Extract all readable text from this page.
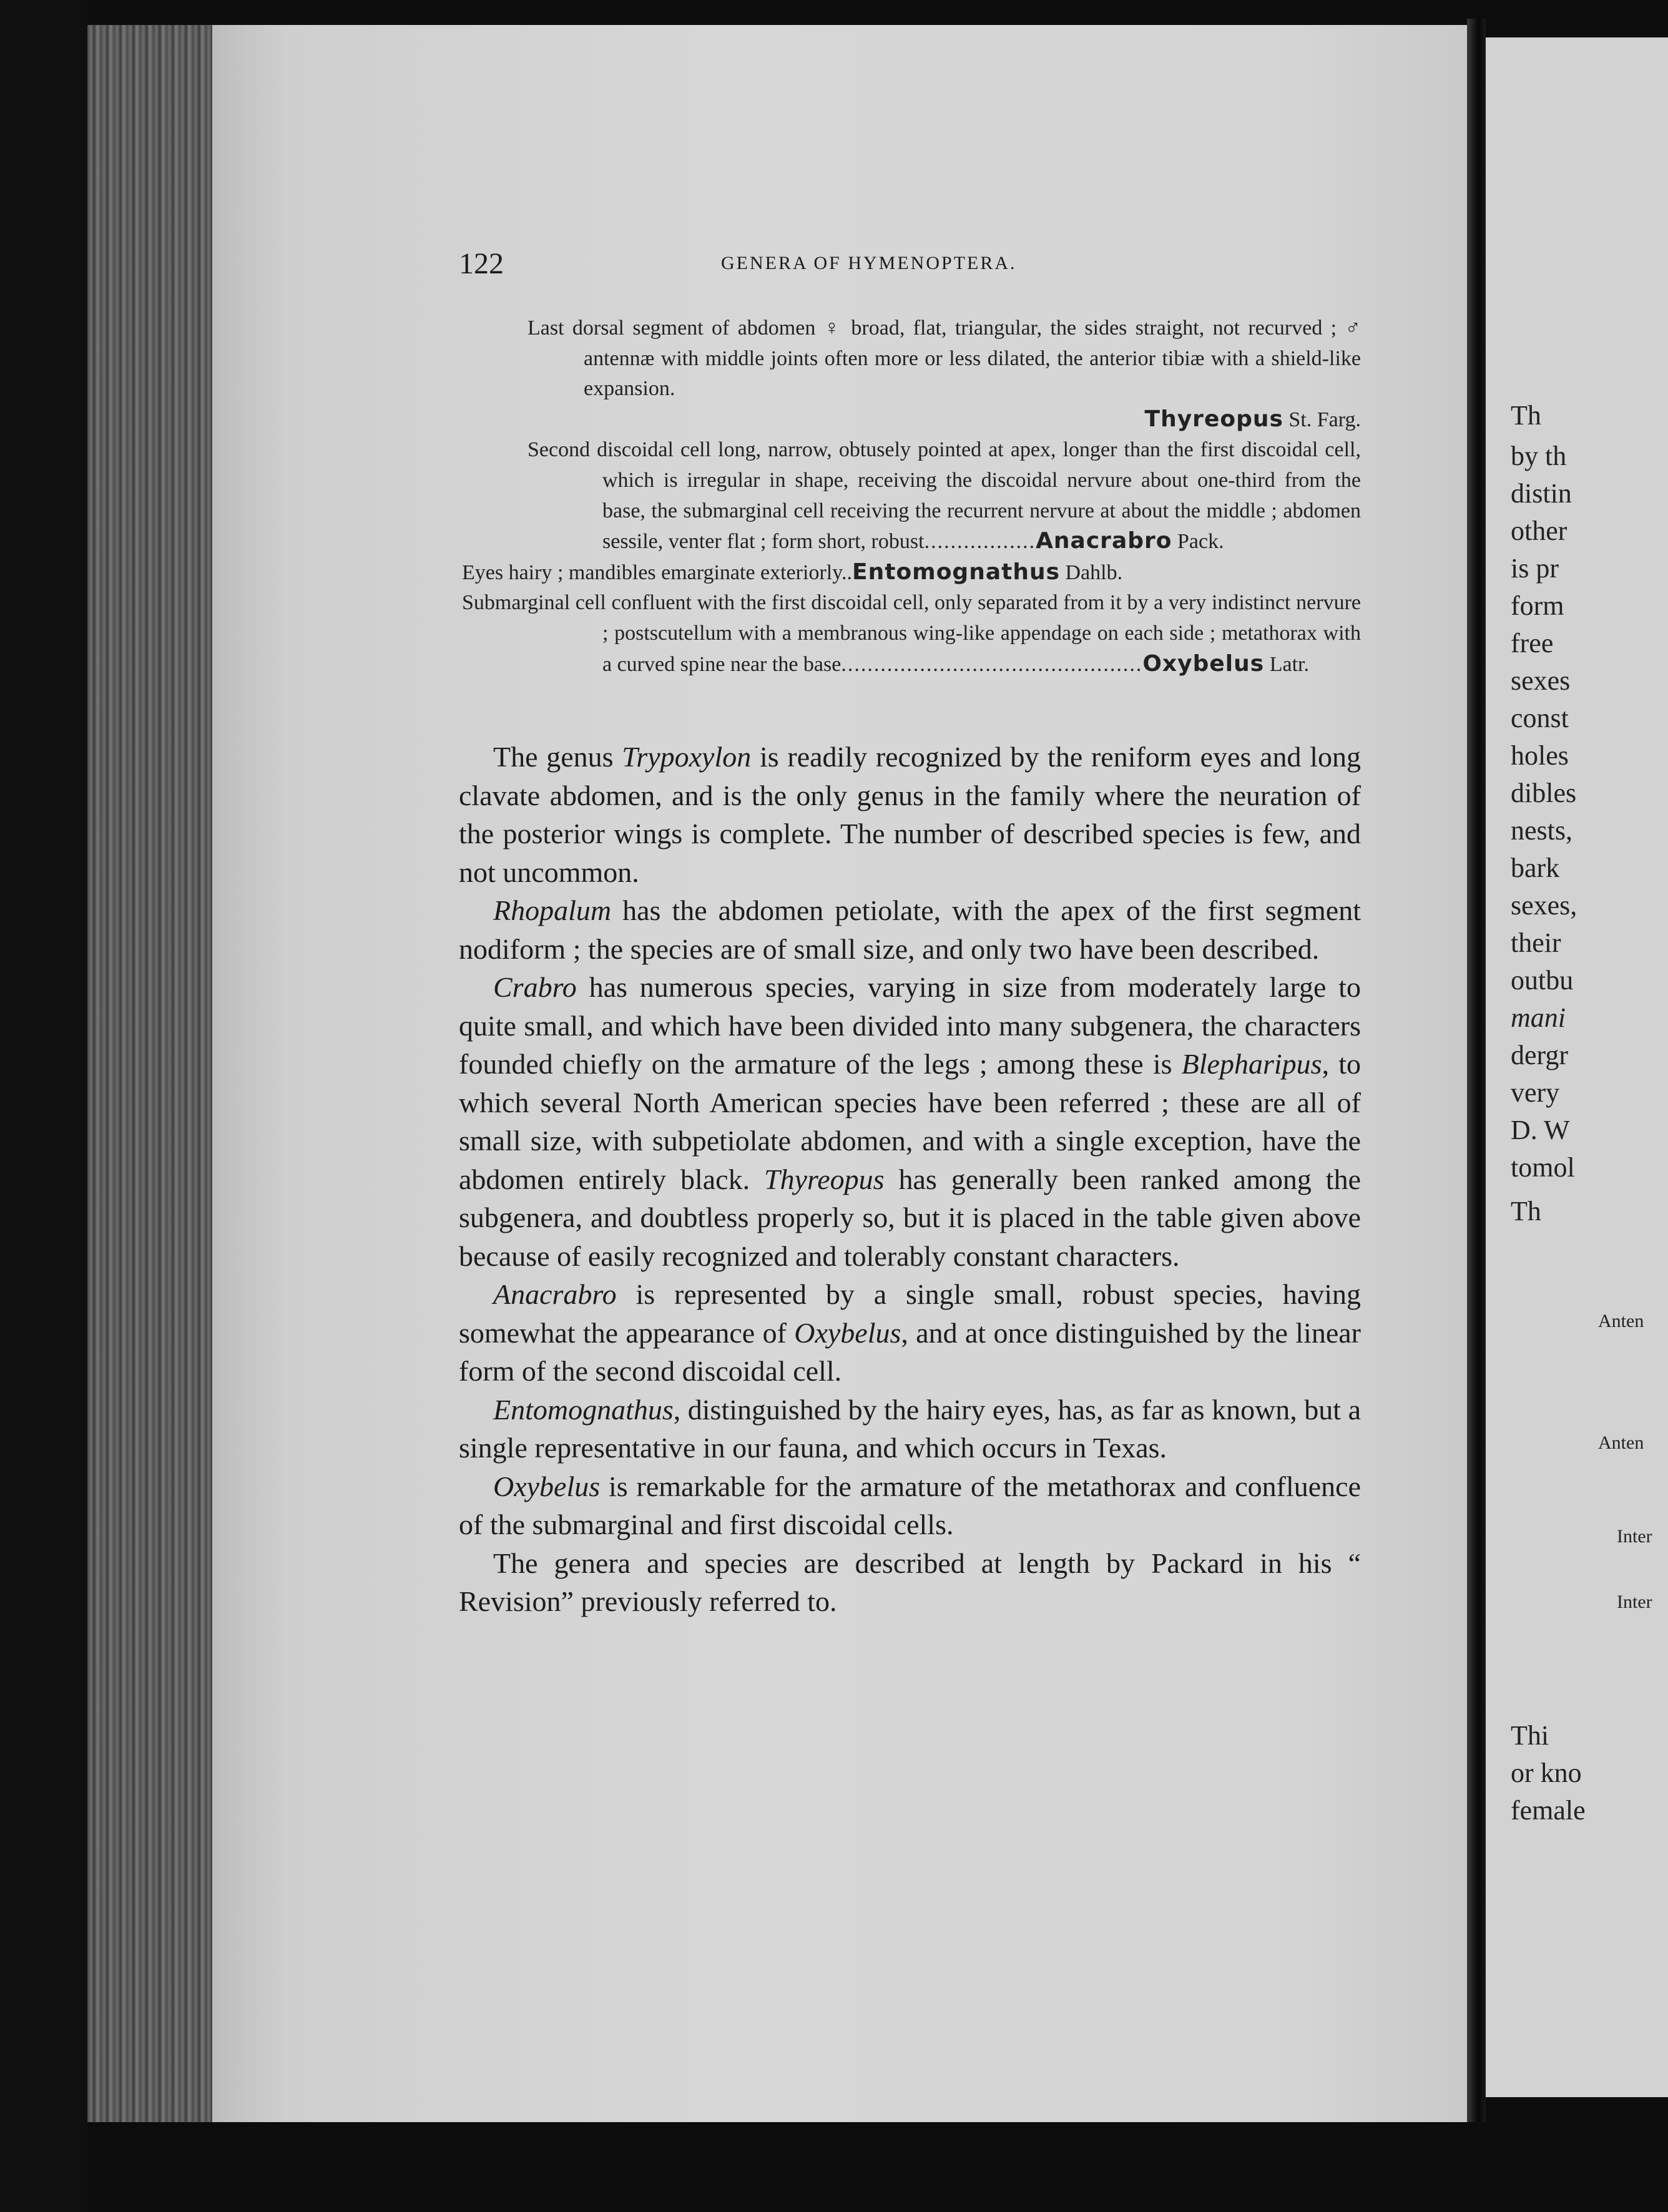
122	GENERA OF HYMENOPTERA.

Last dorsal segment of abdomen ♀ broad, flat, triangular, the sides straight, not recurved ; ♂ antennæ with middle joints often more or less dilated, the anterior tibiæ with a shield-like expansion.

Thyreopus St. Farg.

Second discoidal cell long, narrow, obtusely pointed at apex, longer than the first discoidal cell, which is irregular in shape, receiving the discoidal nervure about one-third from the base, the submarginal cell receiving the recurrent nervure at about the middle ; abdomen sessile, venter flat ; form short, robust.................Anacrabro Pack.

Eyes hairy ; mandibles emarginate exteriorly..Entomognathus Dahlb.

Submarginal cell confluent with the first discoidal cell, only separated from it by a very indistinct nervure ; postscutellum with a membranous wing-like appendage on each side ; metathorax with a curved spine near the base..............................................Oxybelus Latr.

The genus Trypoxylon is readily recognized by the reniform eyes and long clavate abdomen, and is the only genus in the family where the neuration of the posterior wings is complete. The number of described species is few, and not uncommon.

Rhopalum has the abdomen petiolate, with the apex of the first segment nodiform ; the species are of small size, and only two have been described.

Crabro has numerous species, varying in size from moderately large to quite small, and which have been divided into many subgenera, the characters founded chiefly on the armature of the legs ; among these is Blepharipus, to which several North American species have been referred ; these are all of small size, with subpetiolate abdomen, and with a single exception, have the abdomen entirely black. Thyreopus has generally been ranked among the subgenera, and doubtless properly so, but it is placed in the table given above because of easily recognized and tolerably constant characters.

Anacrabro is represented by a single small, robust species, having somewhat the appearance of Oxybelus, and at once distinguished by the linear form of the second discoidal cell.

Entomognathus, distinguished by the hairy eyes, has, as far as known, but a single representative in our fauna, and which occurs in Texas.

Oxybelus is remarkable for the armature of the metathorax and confluence of the submarginal and first discoidal cells.

The genera and species are described at length by Packard in his “ Revision” previously referred to.

Th
by th
distin
other
is pr
form
free
sexes
const
holes
dibles
nests,
bark
sexes,
their
outbu
mani
dergr
very
D. W
tomol
Th
Anten
Anten
Inter
Inter
Thi
or kno
female
